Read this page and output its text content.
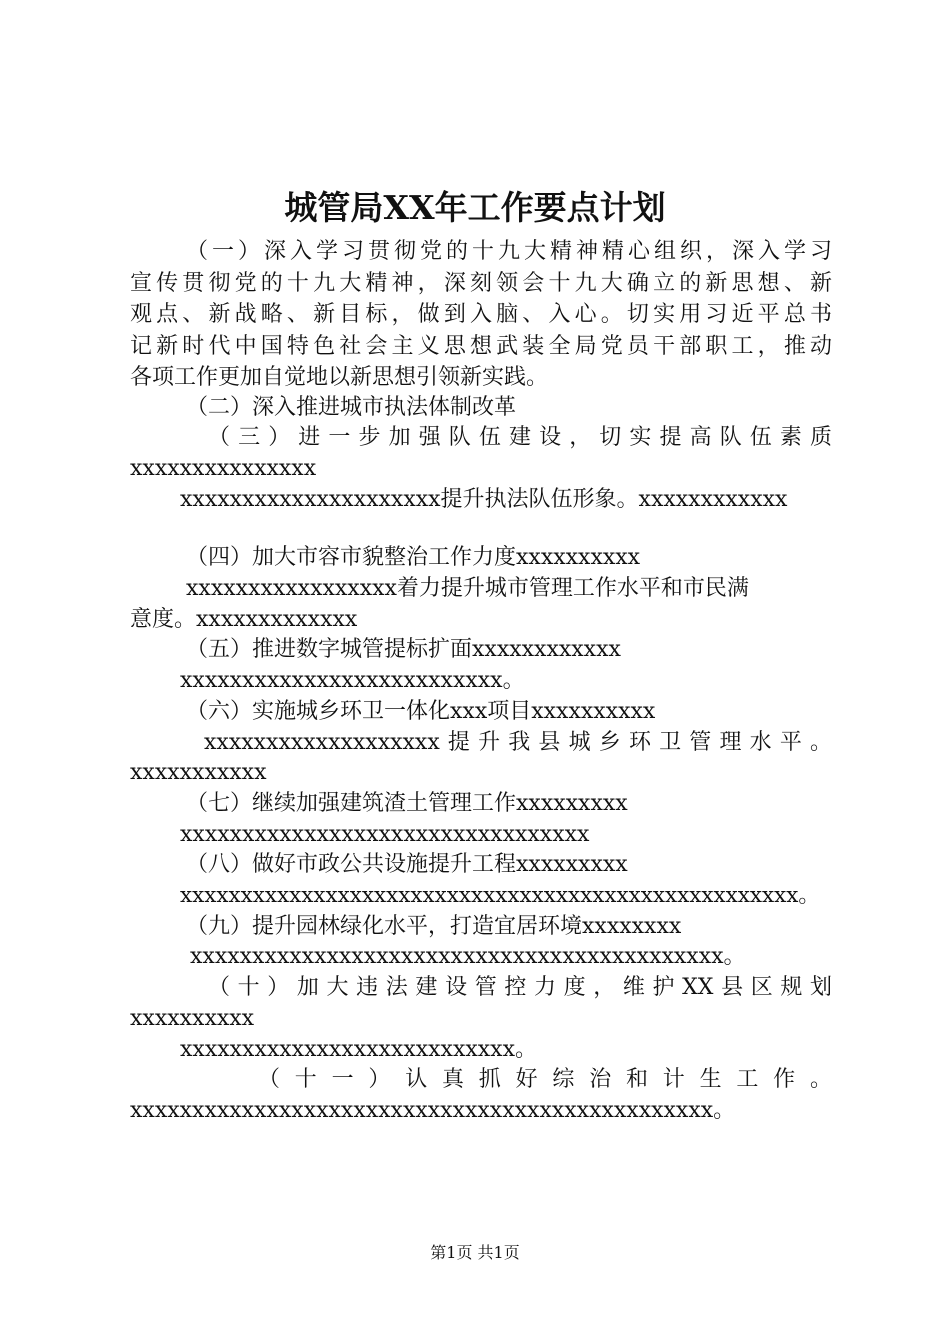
城管局XX年工作要点计划
（一）深入学习贯彻党的十九大精神精心组织，深入学习
宣传贯彻党的十九大精神，深刻领会十九大确立的新思想、新
观点、新战略、新目标，做到入脑、入心。切实用习近平总书
记新时代中国特色社会主义思想武装全局党员干部职工，推动
各项工作更加自觉地以新思想引领新实践。
（二）深入推进城市执法体制改革
（三）进一步加强队伍建设，切实提高队伍素质
xxxxxxxxxxxxxxx
xxxxxxxxxxxxxxxxxxxxx提升执法队伍形象。xxxxxxxxxxxx
（四）加大市容市貌整治工作力度xxxxxxxxxx
xxxxxxxxxxxxxxxxx着力提升城市管理工作水平和市民满
意度。xxxxxxxxxxxxx
（五）推进数字城管提标扩面xxxxxxxxxxxx
xxxxxxxxxxxxxxxxxxxxxxxxxx。
（六）实施城乡环卫一体化xxx项目xxxxxxxxxx
xxxxxxxxxxxxxxxxxxx提升我县城乡环卫管理水平。
xxxxxxxxxxx
（七）继续加强建筑渣土管理工作xxxxxxxxx
xxxxxxxxxxxxxxxxxxxxxxxxxxxxxxxxx
（八）做好市政公共设施提升工程xxxxxxxxx
xxxxxxxxxxxxxxxxxxxxxxxxxxxxxxxxxxxxxxxxxxxxxxxxxxx。
（九）提升园林绿化水平，打造宜居环境xxxxxxxx
xxxxxxxxxxxxxxxxxxxxxxxxxxxxxxxxxxxxxxxxxxx。
（十）加大违法建设管控力度，维护XX县区规划
xxxxxxxxxx
xxxxxxxxxxxxxxxxxxxxxxxxxxx。
（十一）认真抓好综治和计生工作。
xxxxxxxxxxxxxxxxxxxxxxxxxxxxxxxxxxxxxxxxxxxxxxx。
第1页 共1页
